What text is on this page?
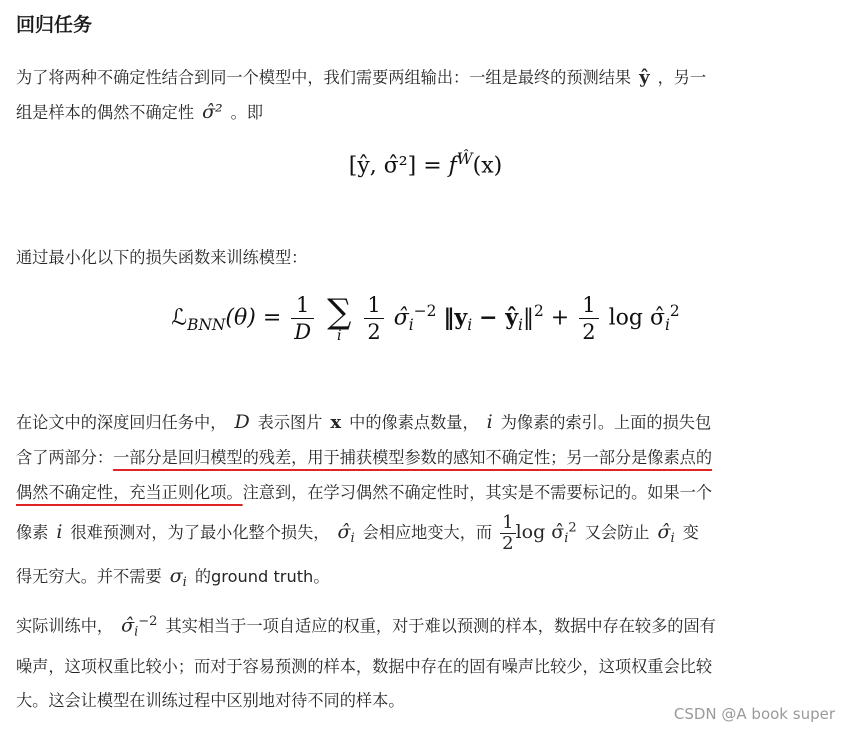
回归任务
为了将两种不确定性结合到同一个模型中，我们需要两组输出：一组是最终的预测结果 ŷ ，另一
组是样本的偶然不确定性 σ̂² 。即
[ŷ, σ̂²] = $f^Ŵ(x)$
通过最小化以下的损失函数来训练模型：
ℒ$_{BNN}$(θ) = $\frac{1}{D}$
∑
i
$\frac{1}{2}$ $\sigmâ_i^{-2}$ $‖y_i$ − $ŷ_i‖^2 + \frac{1}{2}$ $\log \sigmâ_i^2$
在论文中的深度回归任务中， D 表示图片 x 中的像素点数量， i 为像素的索引。上面的损失包
含了两部分：一部分是回归模型的残差，用于捕获模型参数的感知不确定性；另一部分是像素点的
偶然不确定性，充当正则化项。注意到，在学习偶然不确定性时，其实是不需要标记的。如果一个
像素 i 很难预测对，为了最小化整个损失， $\sigmâ_i$ 会相应地变大，而 $\frac{1}{2}$ $\log \sigmâ_i^2$ 又会防止 $\sigmâ_i$ 变
得无穷大。并不需要 $\sigma_i$ 的ground truth。
实际训练中， $\sigmâ_i^{-2}$ 其实相当于一项自适应的权重，对于难以预测的样本，数据中存在较多的固有
噪声，这项权重比较小；而对于容易预测的样本，数据中存在的固有噪声比较少，这项权重会比较
大。这会让模型在训练过程中区别地对待不同的样本。
CSDN @A book super
